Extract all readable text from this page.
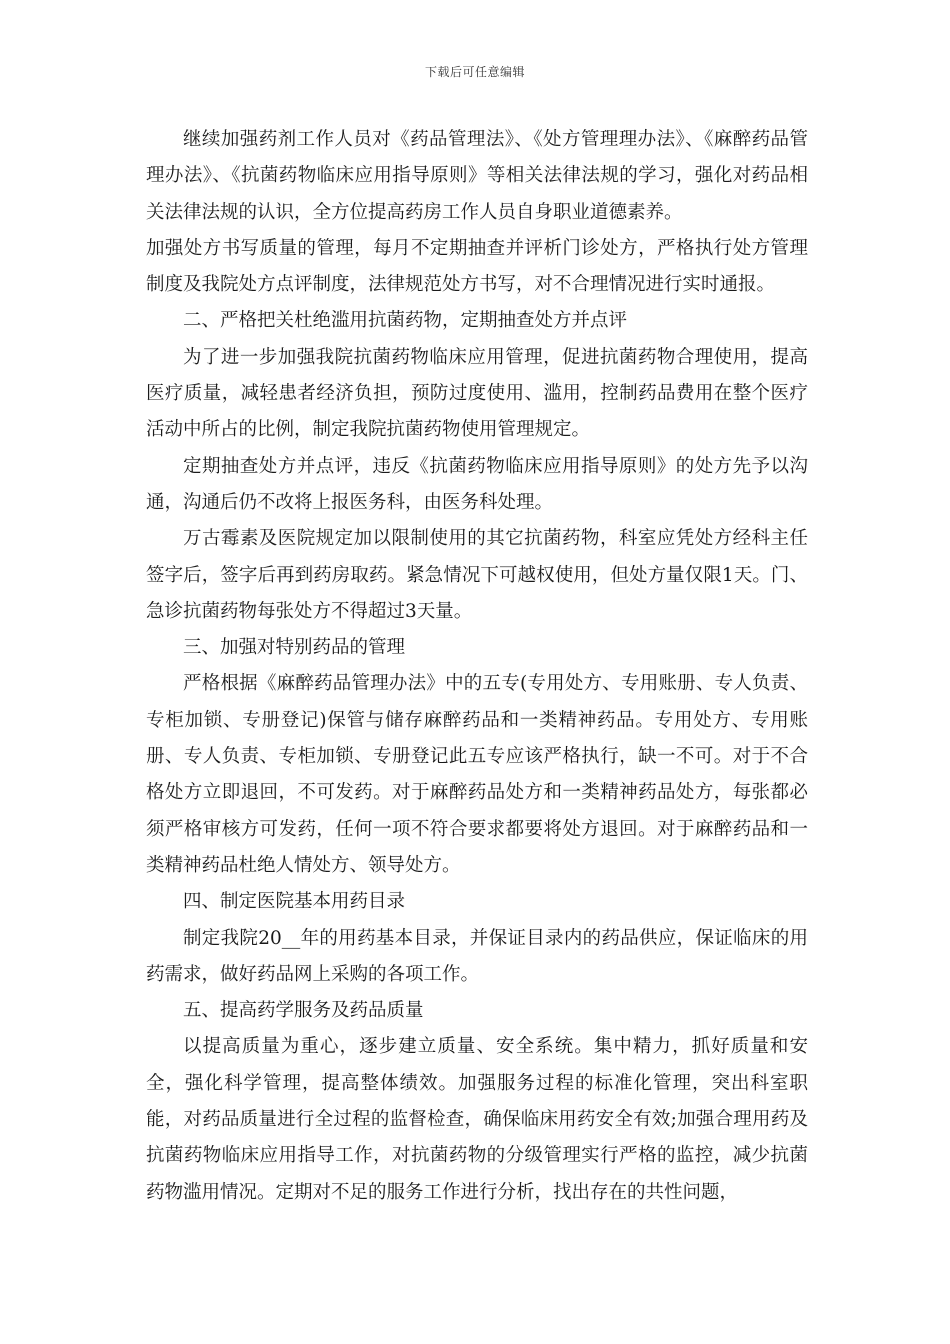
下载后可任意编辑

继续加强药剂工作人员对《药品管理法》、《处方管理理办法》、《麻醉药品管理办法》、《抗菌药物临床应用指导原则》等相关法律法规的学习，强化对药品相关法律法规的认识，全方位提高药房工作人员自身职业道德素养。

加强处方书写质量的管理，每月不定期抽查并评析门诊处方，严格执行处方管理制度及我院处方点评制度，法律规范处方书写，对不合理情况进行实时通报。

二、严格把关杜绝滥用抗菌药物，定期抽查处方并点评

为了进一步加强我院抗菌药物临床应用管理，促进抗菌药物合理使用，提高医疗质量，减轻患者经济负担，预防过度使用、滥用，控制药品费用在整个医疗活动中所占的比例，制定我院抗菌药物使用管理规定。

定期抽查处方并点评，违反《抗菌药物临床应用指导原则》的处方先予以沟通，沟通后仍不改将上报医务科，由医务科处理。

万古霉素及医院规定加以限制使用的其它抗菌药物，科室应凭处方经科主任签字后，签字后再到药房取药。紧急情况下可越权使用，但处方量仅限1天。门、急诊抗菌药物每张处方不得超过3天量。

三、加强对特别药品的管理

严格根据《麻醉药品管理办法》中的五专(专用处方、专用账册、专人负责、专柜加锁、专册登记)保管与储存麻醉药品和一类精神药品。专用处方、专用账册、专人负责、专柜加锁、专册登记此五专应该严格执行，缺一不可。对于不合格处方立即退回，不可发药。对于麻醉药品处方和一类精神药品处方，每张都必须严格审核方可发药，任何一项不符合要求都要将处方退回。对于麻醉药品和一类精神药品杜绝人情处方、领导处方。

四、制定医院基本用药目录

制定我院20__年的用药基本目录，并保证目录内的药品供应，保证临床的用药需求，做好药品网上采购的各项工作。

五、提高药学服务及药品质量

以提高质量为重心，逐步建立质量、安全系统。集中精力，抓好质量和安全，强化科学管理，提高整体绩效。加强服务过程的标准化管理，突出科室职能，对药品质量进行全过程的监督检查，确保临床用药安全有效;加强合理用药及抗菌药物临床应用指导工作，对抗菌药物的分级管理实行严格的监控，减少抗菌药物滥用情况。定期对不足的服务工作进行分析，找出存在的共性问题，
